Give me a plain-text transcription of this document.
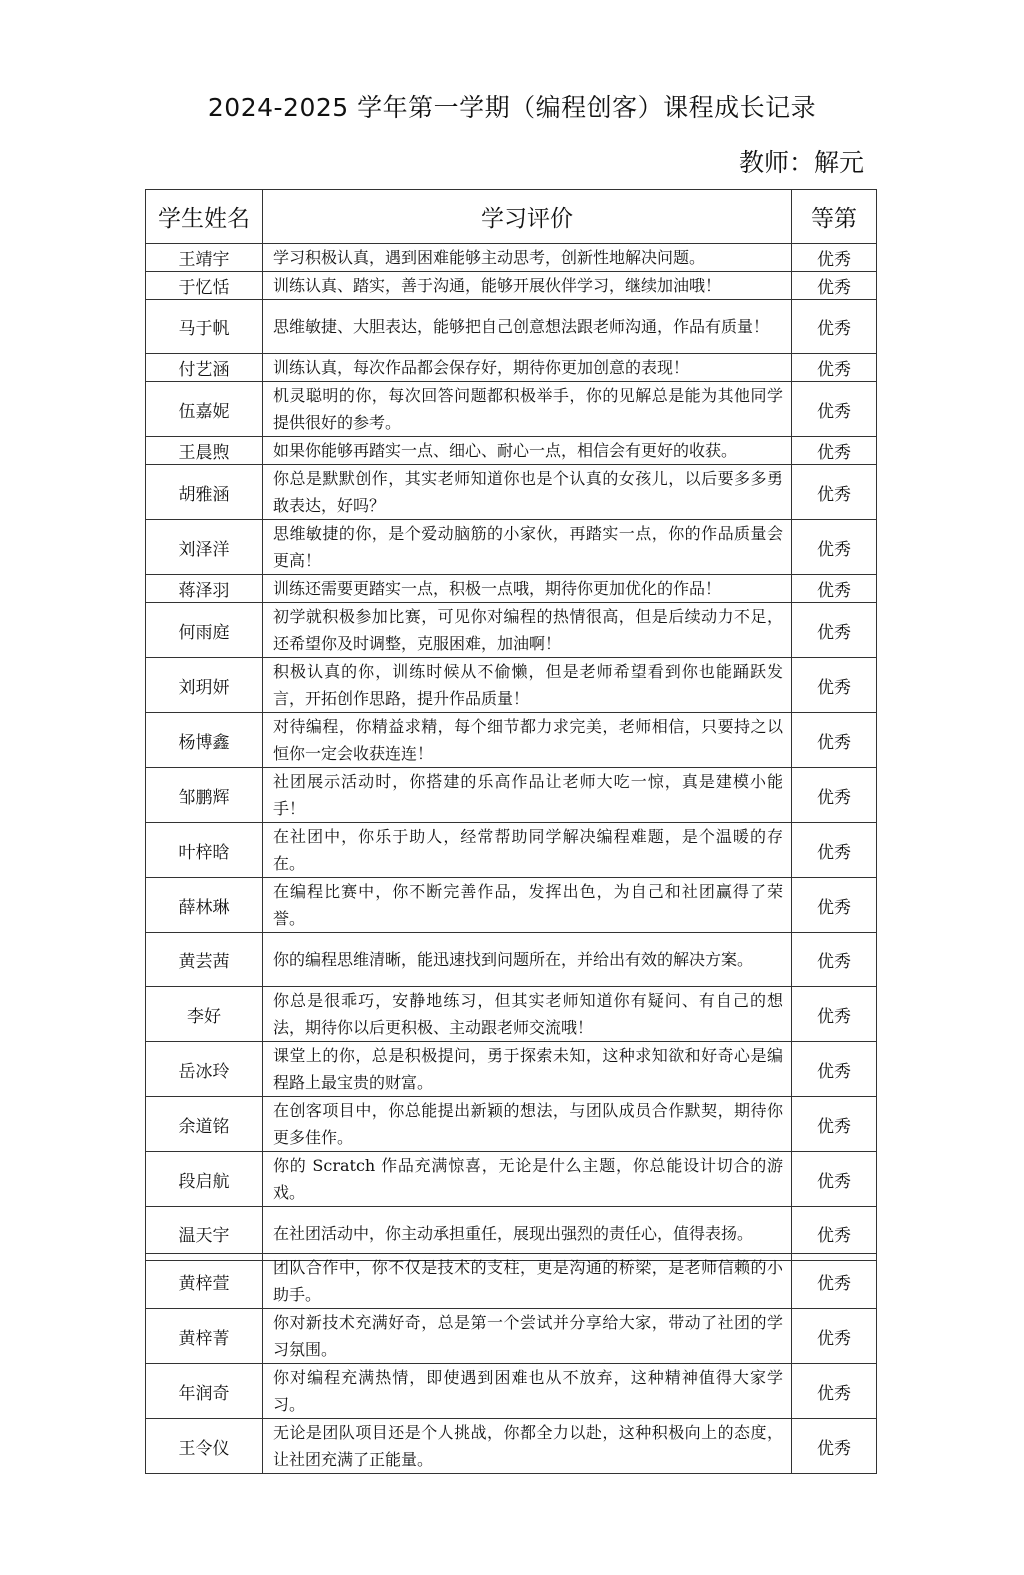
2024-2025 学年第一学期（编程创客）课程成长记录
教师：解元
学生姓名	学习评价	等第
王靖宇	学习积极认真，遇到困难能够主动思考，创新性地解决问题。	优秀
于忆恬	训练认真、踏实，善于沟通，能够开展伙伴学习，继续加油哦！	优秀
马于帆	思维敏捷、大胆表达，能够把自己创意想法跟老师沟通，作品有质量！	优秀
付艺涵	训练认真，每次作品都会保存好，期待你更加创意的表现！	优秀
伍嘉妮	机灵聪明的你，每次回答问题都积极举手，你的见解总是能为其他同学提供很好的参考。	优秀
王晨煦	如果你能够再踏实一点、细心、耐心一点，相信会有更好的收获。	优秀
胡雅涵	你总是默默创作，其实老师知道你也是个认真的女孩儿，以后要多多勇敢表达，好吗？	优秀
刘泽洋	思维敏捷的你，是个爱动脑筋的小家伙，再踏实一点，你的作品质量会更高！	优秀
蒋泽羽	训练还需要更踏实一点，积极一点哦，期待你更加优化的作品！	优秀
何雨庭	初学就积极参加比赛，可见你对编程的热情很高，但是后续动力不足，还希望你及时调整，克服困难，加油啊！	优秀
刘玥妍	积极认真的你，训练时候从不偷懒，但是老师希望看到你也能踊跃发言，开拓创作思路，提升作品质量！	优秀
杨博鑫	对待编程，你精益求精，每个细节都力求完美，老师相信，只要持之以恒你一定会收获连连！	优秀
邹鹏辉	社团展示活动时，你搭建的乐高作品让老师大吃一惊，真是建模小能手！	优秀
叶梓晗	在社团中，你乐于助人，经常帮助同学解决编程难题，是个温暖的存在。	优秀
薛林琳	在编程比赛中，你不断完善作品，发挥出色，为自己和社团赢得了荣誉。	优秀
黄芸茜	你的编程思维清晰，能迅速找到问题所在，并给出有效的解决方案。	优秀
李好	你总是很乖巧，安静地练习，但其实老师知道你有疑问、有自己的想法，期待你以后更积极、主动跟老师交流哦！	优秀
岳冰玲	课堂上的你，总是积极提问，勇于探索未知，这种求知欲和好奇心是编程路上最宝贵的财富。	优秀
余道铭	在创客项目中，你总能提出新颖的想法，与团队成员合作默契，期待你更多佳作。	优秀
段启航	你的 Scratch 作品充满惊喜，无论是什么主题，你总能设计切合的游戏。	优秀
温天宇	在社团活动中，你主动承担重任，展现出强烈的责任心，值得表扬。	优秀
黄梓萱	团队合作中，你不仅是技术的支柱，更是沟通的桥梁，是老师信赖的小助手。	优秀
黄梓菁	你对新技术充满好奇，总是第一个尝试并分享给大家，带动了社团的学习氛围。	优秀
年润奇	你对编程充满热情，即使遇到困难也从不放弃，这种精神值得大家学习。	优秀
王令仪	无论是团队项目还是个人挑战，你都全力以赴，这种积极向上的态度，让社团充满了正能量。	优秀
